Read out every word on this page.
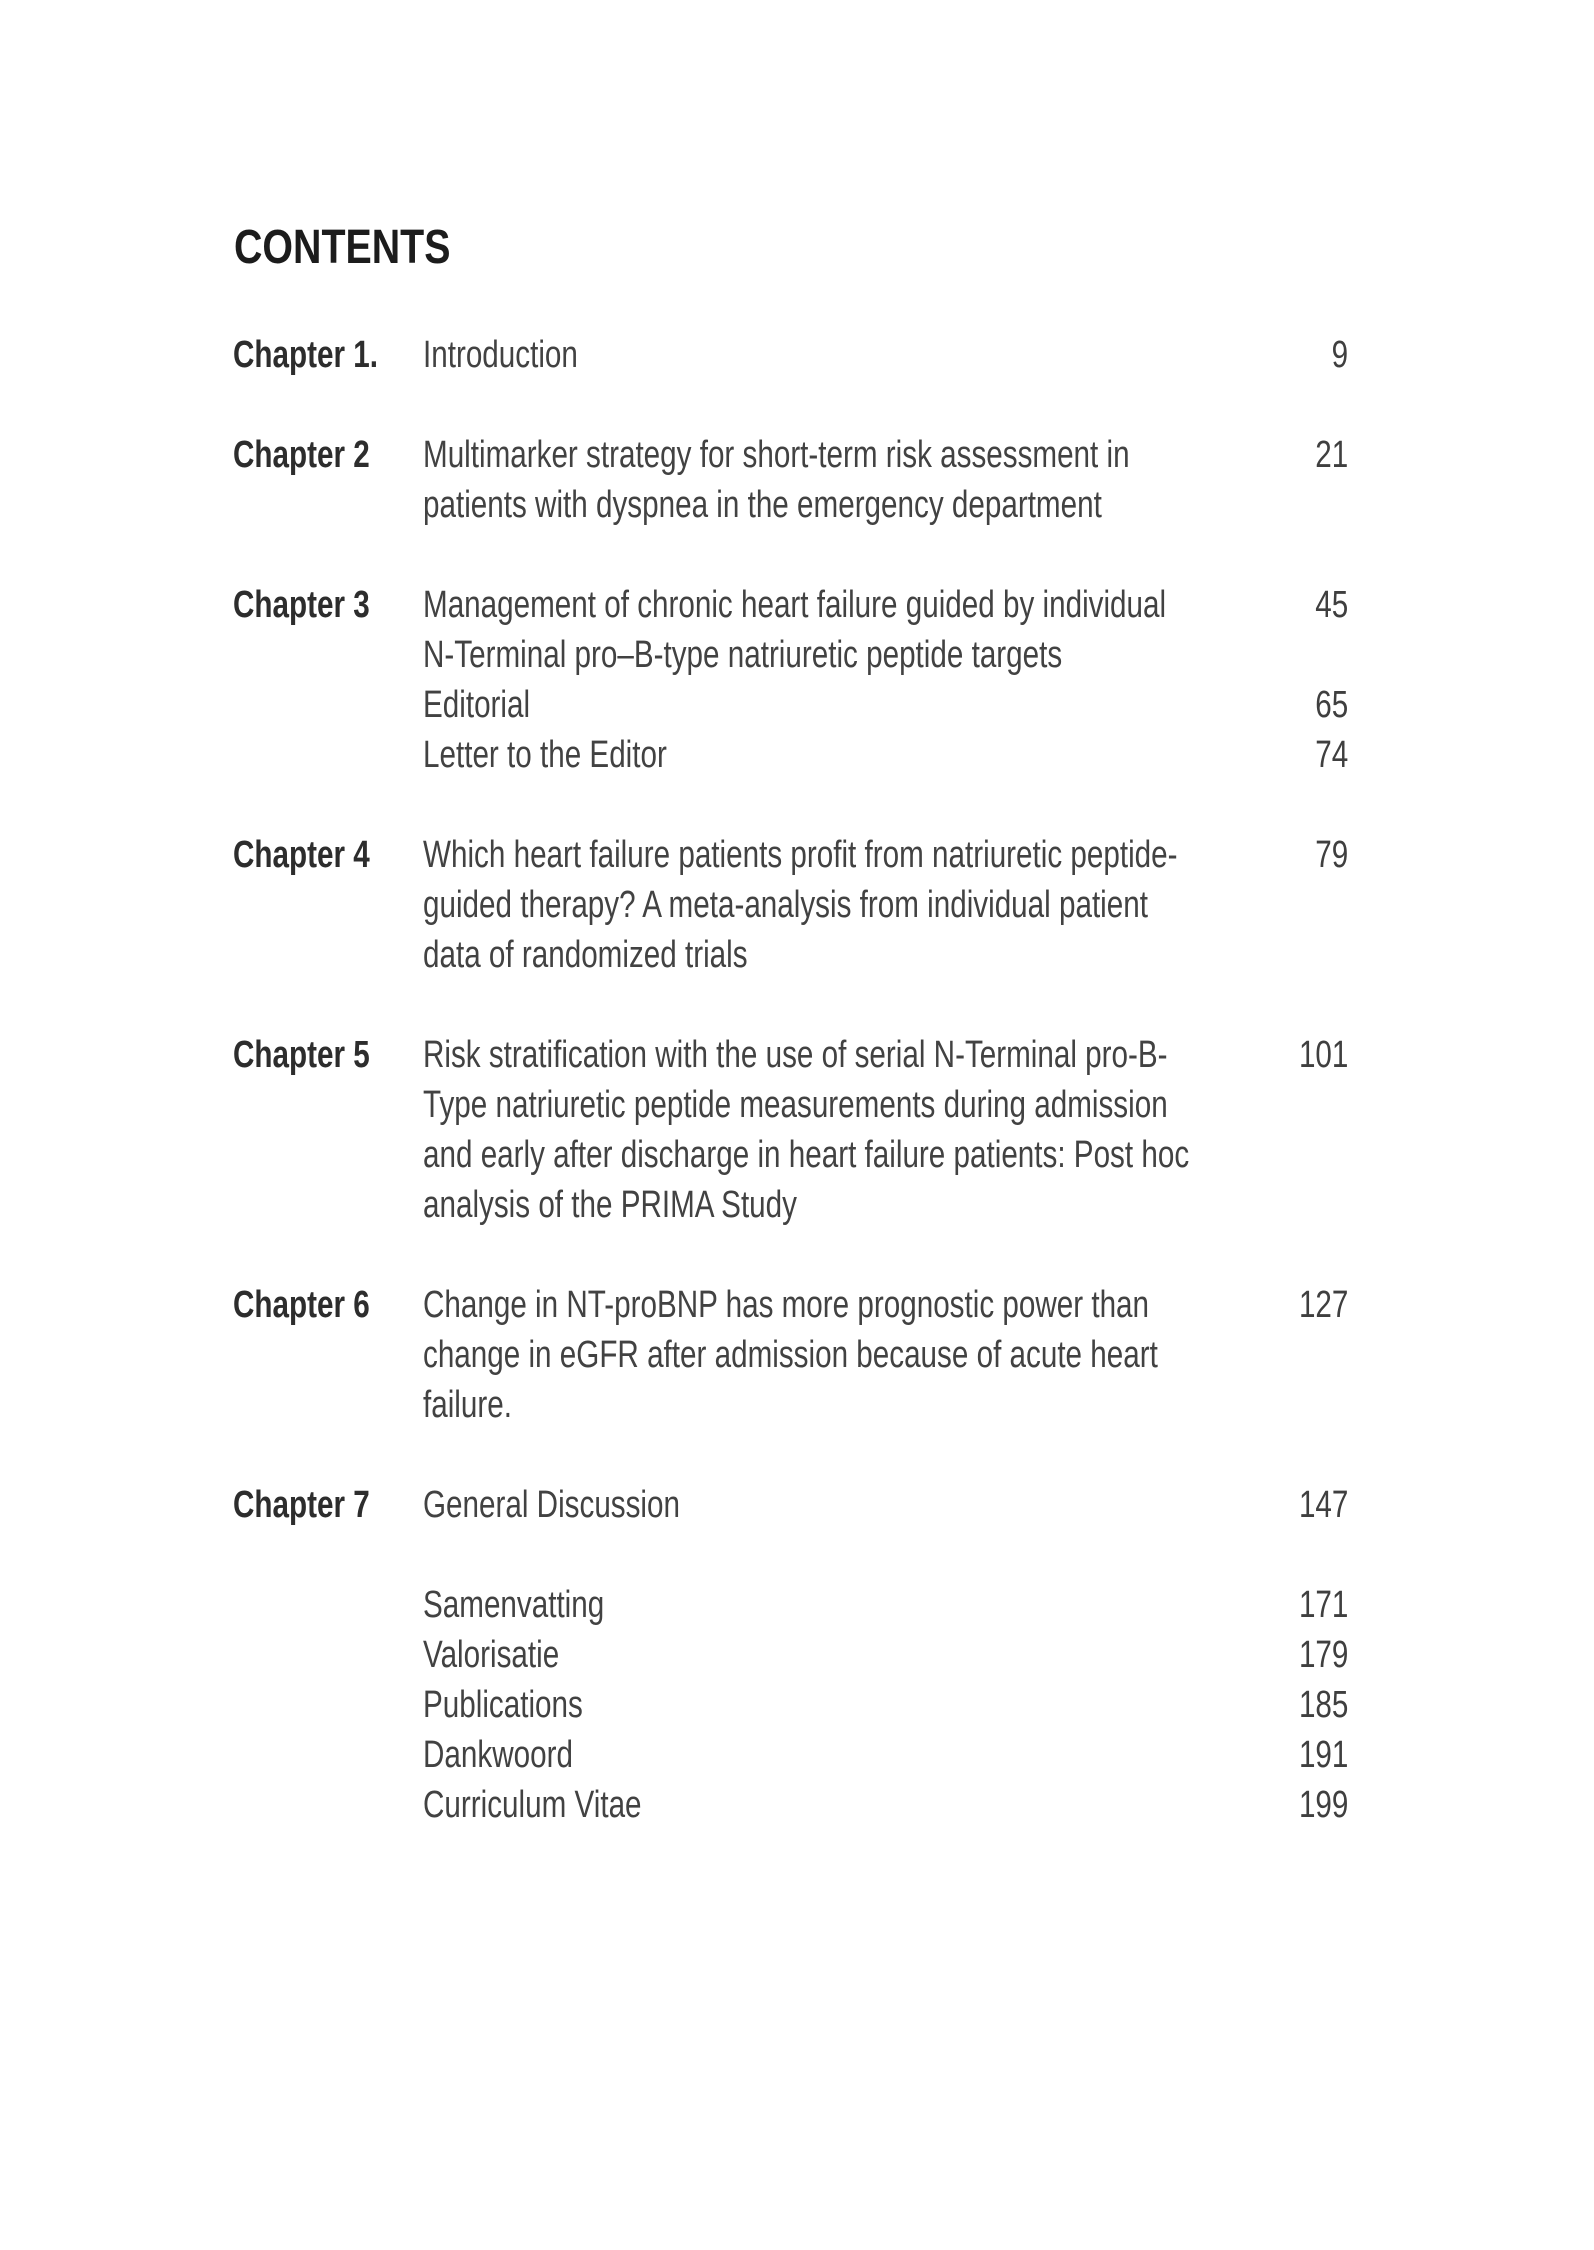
CONTENTS
Chapter 1.	Introduction	9
Chapter 2	Multimarker strategy for short-term risk assessment in	21
patients with dyspnea in the emergency department
Chapter 3	Management of chronic heart failure guided by individual	45
N-Terminal pro–B-type natriuretic peptide targets
Editorial	65
Letter to the Editor	74
Chapter 4	Which heart failure patients profit from natriuretic peptide-	79
guided therapy? A meta-analysis from individual patient
data of randomized trials
Chapter 5	Risk stratification with the use of serial N-Terminal pro-B-	101
Type natriuretic peptide measurements during admission
and early after discharge in heart failure patients: Post hoc
analysis of the PRIMA Study
Chapter 6	Change in NT-proBNP has more prognostic power than	127
change in eGFR after admission because of acute heart
failure.
Chapter 7	General Discussion	147
Samenvatting	171
Valorisatie	179
Publications	185
Dankwoord	191
Curriculum Vitae	199
